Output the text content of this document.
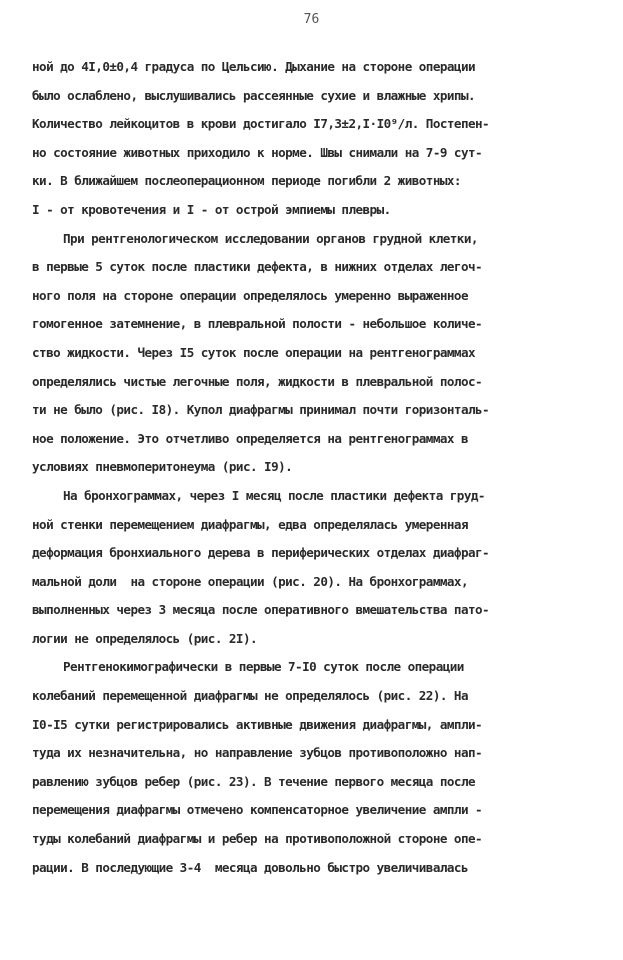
76
ной до 4I,0±0,4 градуса по Цельсию. Дыхание на стороне операции
было ослаблено, выслушивались рассеянные сухие и влажные хрипы.
Количество лейкоцитов в крови достигало I7,3±2,I·I0⁹/л. Постепен-
но состояние животных приходило к норме. Швы снимали на 7-9 сут-
ки. В ближайшем послеоперационном периоде погибли 2 животных:
I - от кровотечения и I - от острой эмпиемы плевры.
При рентгенологическом исследовании органов грудной клетки,
в первые 5 суток после пластики дефекта, в нижних отделах легоч-
ного поля на стороне операции определялось умеренно выраженное
гомогенное затемнение, в плевральной полости - небольшое количе-
ство жидкости. Через I5 суток после операции на рентгенограммах
определялись чистые легочные поля, жидкости в плевральной полос-
ти не было (рис. I8). Купол диафрагмы принимал почти горизонталь-
ное положение. Это отчетливо определяется на рентгенограммах в
условиях пневмоперитонеума (рис. I9).
На бронхограммах, через I месяц после пластики дефекта груд-
ной стенки перемещением диафрагмы, едва определялась умеренная
деформация бронхиального дерева в периферических отделах диафраг-
мальной доли  на стороне операции (рис. 20). На бронхограммах,
выполненных через 3 месяца после оперативного вмешательства пато-
логии не определялось (рис. 2I).
Рентгенокимографически в первые 7-I0 суток после операции
колебаний перемещенной диафрагмы не определялось (рис. 22). На
I0-I5 сутки регистрировались активные движения диафрагмы, ампли-
туда их незначительна, но направление зубцов противоположно нап-
равлению зубцов ребер (рис. 23). В течение первого месяца после
перемещения диафрагмы отмечено компенсаторное увеличение ампли -
туды колебаний диафрагмы и ребер на противоположной стороне опе-
рации. В последующие 3-4  месяца довольно быстро увеличивалась
